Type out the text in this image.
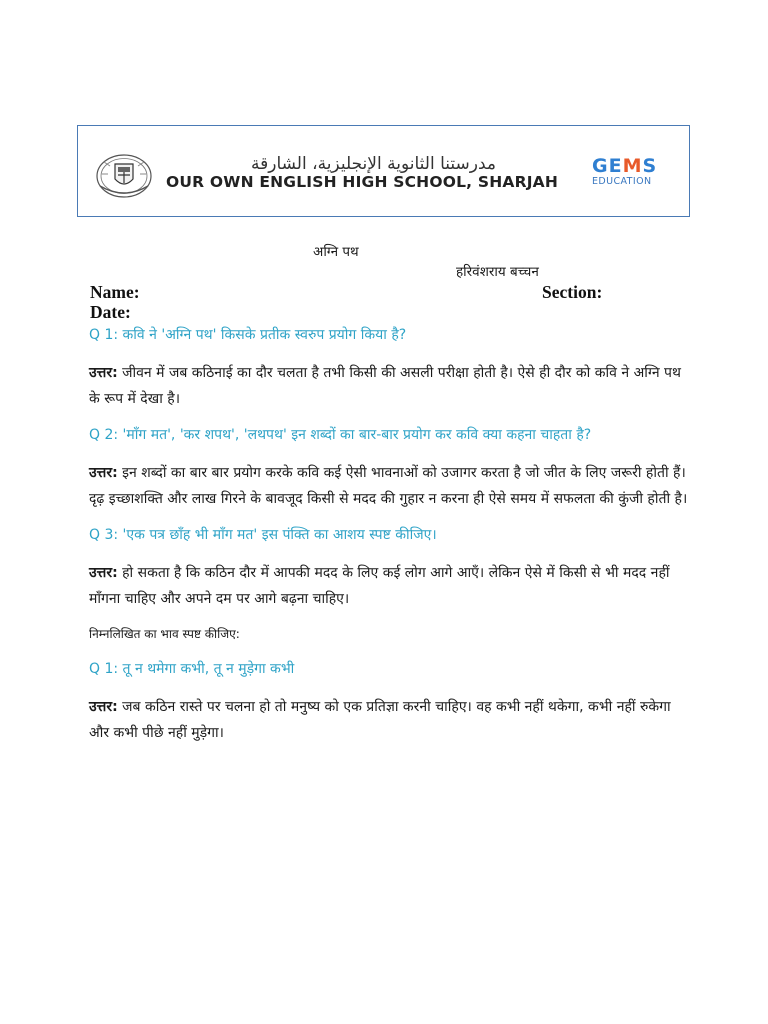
مدرستنا الثانوية الإنجليزية، الشارقة
OUR OWN ENGLISH HIGH SCHOOL, SHARJAH
GEMS
EDUCATION
अग्नि पथ
हरिवंशराय बच्चन
Name:	Section:
Date:

Q 1: कवि ने 'अग्नि पथ' किसके प्रतीक स्वरुप प्रयोग किया है?

उत्तर: जीवन में जब कठिनाई का दौर चलता है तभी किसी की असली परीक्षा होती है। ऐसे ही दौर को कवि ने अग्नि पथ के रूप में देखा है।

Q 2: 'माँग मत', 'कर शपथ', 'लथपथ' इन शब्दों का बार-बार प्रयोग कर कवि क्या कहना चाहता है?

उत्तर: इन शब्दों का बार बार प्रयोग करके कवि कई ऐसी भावनाओं को उजागर करता है जो जीत के लिए जरूरी होती हैं। दृढ़ इच्छाशक्ति और लाख गिरने के बावजूद किसी से मदद की गुहार न करना ही ऐसे समय में सफलता की कुंजी होती है।

Q 3: 'एक पत्र छाँह भी माँग मत' इस पंक्ति का आशय स्पष्ट कीजिए।

उत्तर: हो सकता है कि कठिन दौर में आपकी मदद के लिए कई लोग आगे आएँ। लेकिन ऐसे में किसी से भी मदद नहीं माँगना चाहिए और अपने दम पर आगे बढ़ना चाहिए।

निम्नलिखित का भाव स्पष्ट कीजिए:

Q 1: तू न थमेगा कभी, तू न मुड़ेगा कभी

उत्तर: जब कठिन रास्ते पर चलना हो तो मनुष्य को एक प्रतिज्ञा करनी चाहिए। वह कभी नहीं थकेगा, कभी नहीं रुकेगा और कभी पीछे नहीं मुड़ेगा।
